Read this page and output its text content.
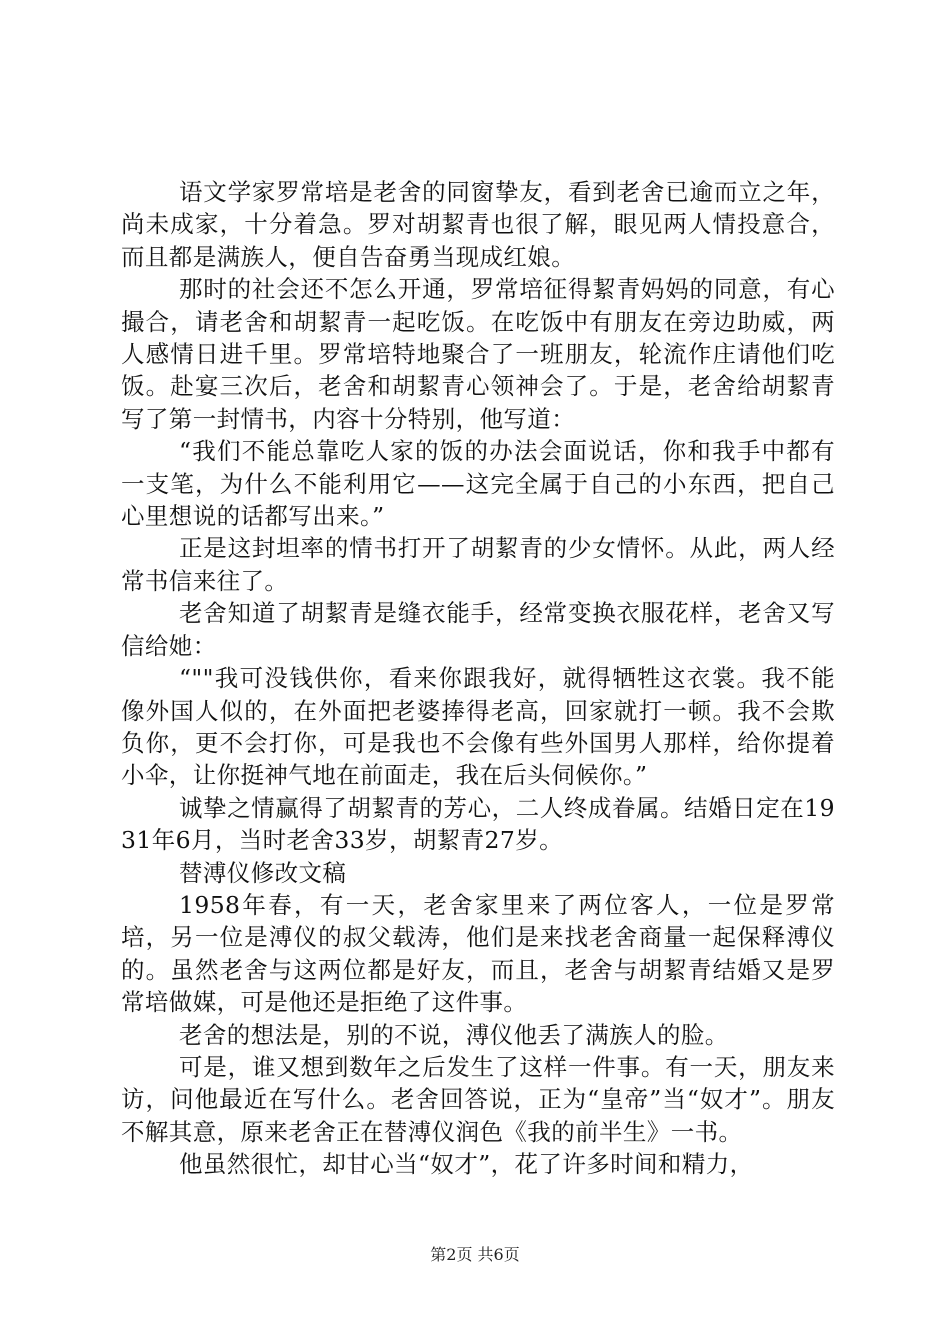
语文学家罗常培是老舍的同窗挚友，看到老舍已逾而立之年，尚未成家，十分着急。罗对胡絜青也很了解，眼见两人情投意合，而且都是满族人，便自告奋勇当现成红娘。

那时的社会还不怎么开通，罗常培征得絜青妈妈的同意，有心撮合，请老舍和胡絜青一起吃饭。在吃饭中有朋友在旁边助威，两人感情日进千里。罗常培特地聚合了一班朋友，轮流作庄请他们吃饭。赴宴三次后，老舍和胡絜青心领神会了。于是，老舍给胡絜青写了第一封情书，内容十分特别，他写道：

“我们不能总靠吃人家的饭的办法会面说话，你和我手中都有一支笔，为什么不能利用它——这完全属于自己的小东西，把自己心里想说的话都写出来。”

正是这封坦率的情书打开了胡絜青的少女情怀。从此，两人经常书信来往了。

老舍知道了胡絜青是缝衣能手，经常变换衣服花样，老舍又写信给她：

“""我可没钱供你，看来你跟我好，就得牺牲这衣裳。我不能像外国人似的，在外面把老婆捧得老高，回家就打一顿。我不会欺负你，更不会打你，可是我也不会像有些外国男人那样，给你提着小伞，让你挺神气地在前面走，我在后头伺候你。”

诚挚之情赢得了胡絜青的芳心，二人终成眷属。结婚日定在1931年6月，当时老舍33岁，胡絜青27岁。

替溥仪修改文稿

1958年春，有一天，老舍家里来了两位客人，一位是罗常培，另一位是溥仪的叔父载涛，他们是来找老舍商量一起保释溥仪的。虽然老舍与这两位都是好友，而且，老舍与胡絜青结婚又是罗常培做媒，可是他还是拒绝了这件事。

老舍的想法是，别的不说，溥仪他丢了满族人的脸。

可是，谁又想到数年之后发生了这样一件事。有一天，朋友来访，问他最近在写什么。老舍回答说，正为“皇帝”当“奴才”。朋友不解其意，原来老舍正在替溥仪润色《我的前半生》一书。

他虽然很忙，却甘心当“奴才”，花了许多时间和精力，

第2页 共6页
